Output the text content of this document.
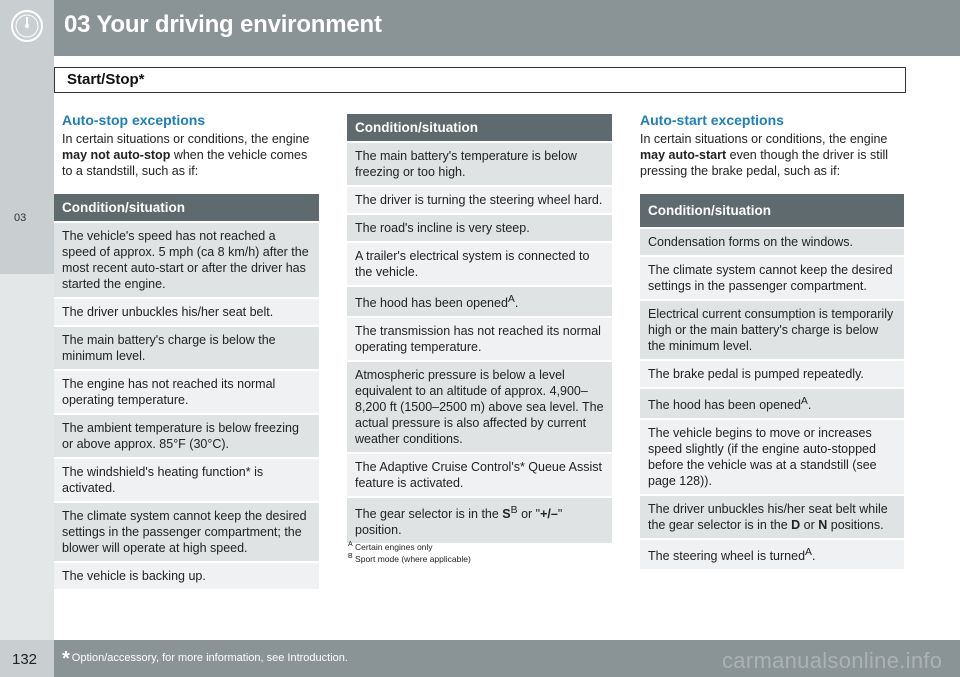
03 Your driving environment
03
Start/Stop*
Auto-stop exceptions
In certain situations or conditions, the engine may not auto-stop when the vehicle comes to a standstill, such as if:
Condition/situation
The vehicle's speed has not reached a speed of approx. 5 mph (ca 8 km/h) after the most recent auto-start or after the driver has started the engine.
The driver unbuckles his/her seat belt.
The main battery's charge is below the minimum level.
The engine has not reached its normal operating temperature.
The ambient temperature is below freezing or above approx. 85°F (30°C).
The windshield's heating function* is activated.
The climate system cannot keep the desired settings in the passenger compartment; the blower will operate at high speed.
The vehicle is backing up.
Condition/situation
The main battery's temperature is below freezing or too high.
The driver is turning the steering wheel hard.
The road's incline is very steep.
A trailer's electrical system is connected to the vehicle.
The hood has been opened$^A$.
The transmission has not reached its normal operating temperature.
Atmospheric pressure is below a level equivalent to an altitude of approx. 4,900–8,200 ft (1500–2500 m) above sea level. The actual pressure is also affected by current weather conditions.
The Adaptive Cruise Control's* Queue Assist feature is activated.
The gear selector is in the $S^B$ or "+/–" position.
$^A$ Certain engines only
$^B$ Sport mode (where applicable)
Auto-start exceptions
In certain situations or conditions, the engine may auto-start even though the driver is still pressing the brake pedal, such as if:
Condition/situation
Condensation forms on the windows.
The climate system cannot keep the desired settings in the passenger compartment.
Electrical current consumption is temporarily high or the main battery's charge is below the minimum level.
The brake pedal is pumped repeatedly.
The hood has been opened$^A$.
The vehicle begins to move or increases speed slightly (if the engine auto-stopped before the vehicle was at a standstill (see page 128)).
The driver unbuckles his/her seat belt while the gear selector is in the D or N positions.
The steering wheel is turned$^A$.
132 * Option/accessory, for more information, see Introduction.	carmanualsonline.info
